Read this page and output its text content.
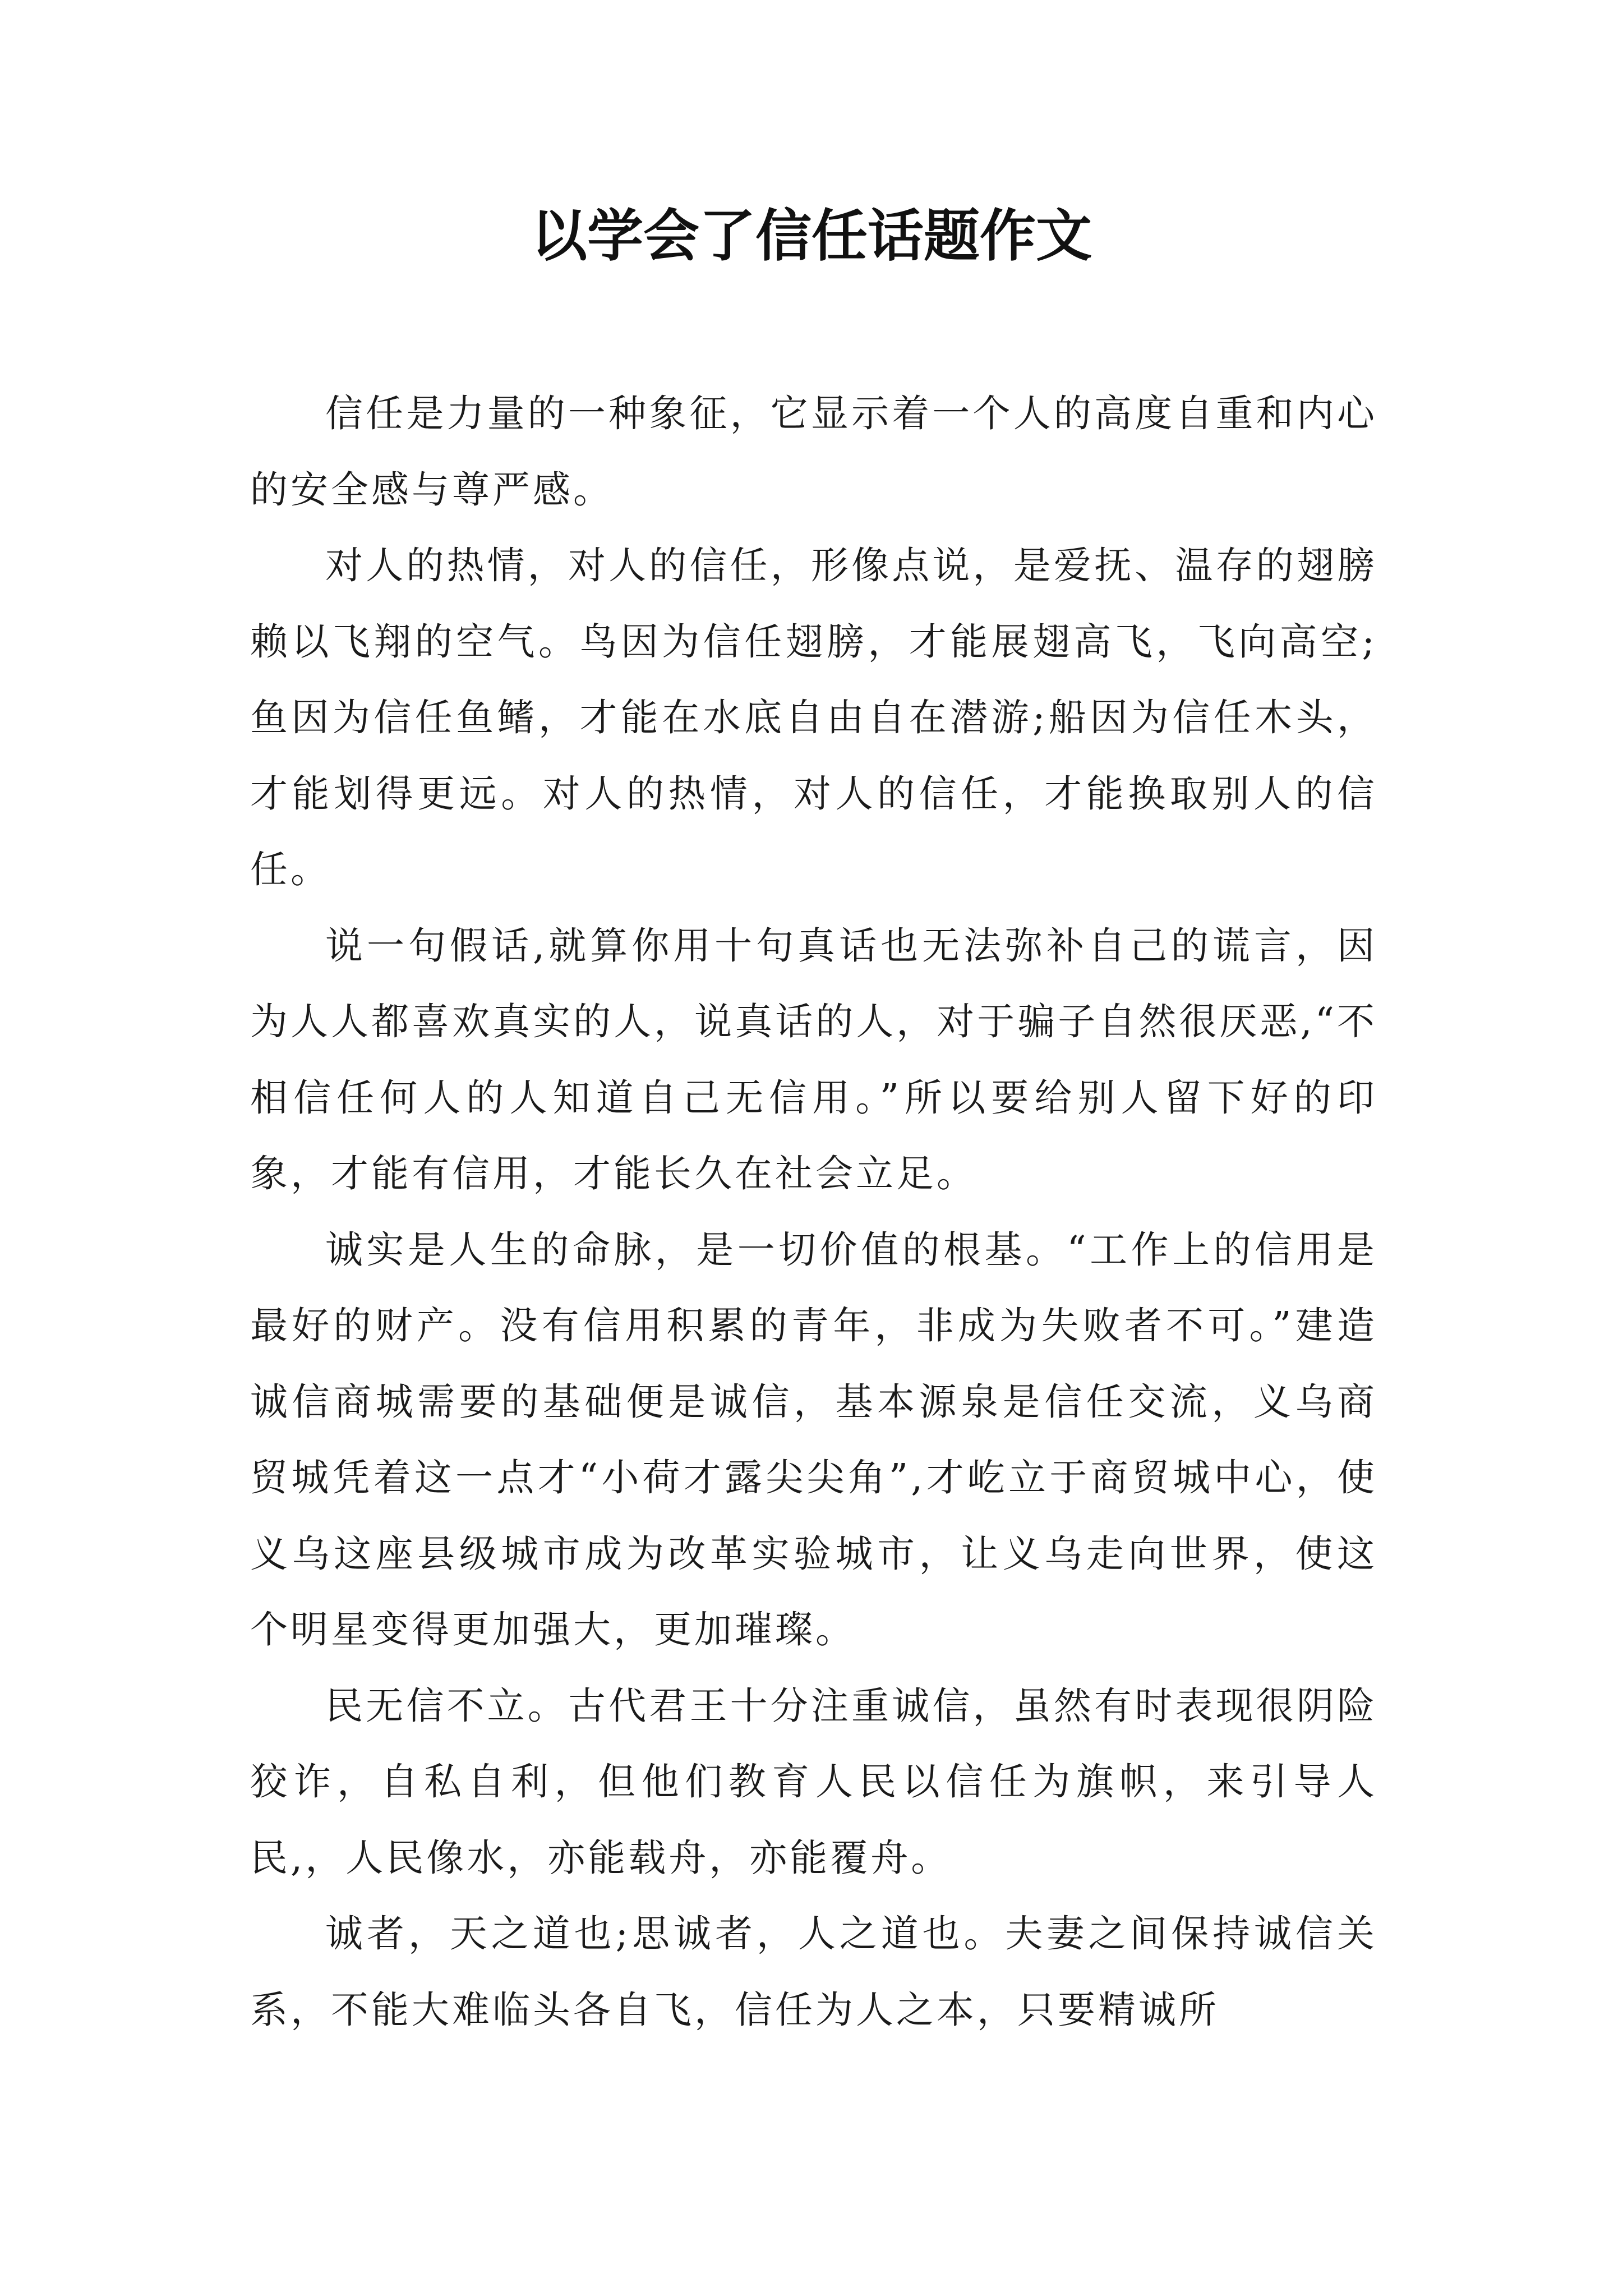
以学会了信任话题作文

信任是力量的一种象征，它显示着一个人的高度自重和内心的安全感与尊严感。

对人的热情，对人的信任，形像点说，是爱抚、温存的翅膀赖以飞翔的空气。鸟因为信任翅膀，才能展翅高飞，飞向高空;鱼因为信任鱼鳍，才能在水底自由自在潜游;船因为信任木头，才能划得更远。对人的热情，对人的信任，才能换取别人的信任。

说一句假话,就算你用十句真话也无法弥补自己的谎言，因为人人都喜欢真实的人，说真话的人，对于骗子自然很厌恶,“不相信任何人的人知道自己无信用。”所以要给别人留下好的印象，才能有信用，才能长久在社会立足。

诚实是人生的命脉，是一切价值的根基。“工作上的信用是最好的财产。没有信用积累的青年，非成为失败者不可。”建造诚信商城需要的基础便是诚信，基本源泉是信任交流，义乌商贸城凭着这一点才“小荷才露尖尖角”,才屹立于商贸城中心，使义乌这座县级城市成为改革实验城市，让义乌走向世界，使这个明星变得更加强大，更加璀璨。

民无信不立。古代君王十分注重诚信，虽然有时表现很阴险狡诈，自私自利，但他们教育人民以信任为旗帜，来引导人民,，人民像水，亦能载舟，亦能覆舟。

诚者，天之道也;思诚者，人之道也。夫妻之间保持诚信关系，不能大难临头各自飞，信任为人之本，只要精诚所
